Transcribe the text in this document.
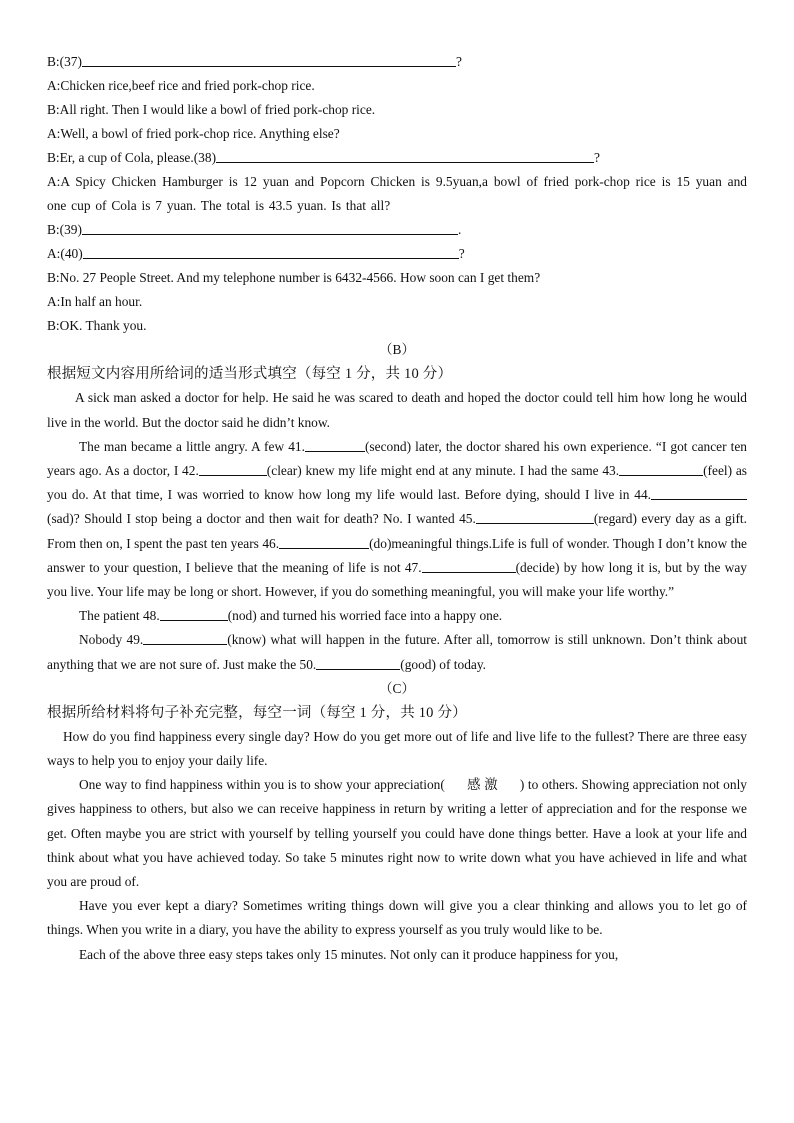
B:(37)	?
A:Chicken rice,beef rice and fried pork-chop rice.
B:All right. Then I would like a bowl of fried pork-chop rice.
A:Well, a bowl of fried pork-chop rice. Anything else?
B:Er, a cup of Cola, please.(38)	?

A:A Spicy Chicken Hamburger is 12 yuan and Popcorn Chicken is 9.5yuan,a bowl of fried pork-chop rice is 15 yuan and one cup of Cola is 7 yuan. The total is 43.5 yuan. Is that all?

B:(39)	.
A:(40)	?
B:No. 27 People Street. And my telephone number is 6432-4566. How soon can I get them?
A:In half an hour.
B:OK. Thank you.
（B）
根据短文内容用所给词的适当形式填空（每空 1 分，共 10 分）

A sick man asked a doctor for help. He said he was scared to death and hoped the doctor could tell him how long he would live in the world. But the doctor said he didn’t know.

The man became a little angry. A few 41.	(second) later, the doctor shared his own experience. “I got cancer ten years ago. As a doctor, I 42.	(clear) knew my life might end at any minute. I had the same 43.	(feel) as you do. At that time, I was worried to know how long my life would last. Before dying, should I live in 44.(sad)? Should I stop being a doctor and then wait for death? No. I wanted 45.	(regard) every day as a gift. From then on, I spent the past ten years 46.	(do)meaningful things.Life is full of wonder. Though I don’t know the answer to your question, I believe that the meaning of life is not 47.	(decide) by how long it is, but by the way you live. Your life may be long or short. However, if you do something meaningful, you will make your life worthy.”

The patient 48.	(nod) and turned his worried face into a happy one.

Nobody 49.	(know) what will happen in the future. After all, tomorrow is still unknown. Don’t think about anything that we are not sure of. Just make the 50.	(good) of today.

（C）
根据所给材料将句子补充完整，每空一词（每空 1 分，共 10 分）

How do you find happiness every single day? How do you get more out of life and live life to the fullest? There are three easy ways to help you to enjoy your daily life.

One way to find happiness within you is to show your appreciation( 感 激 ) to others. Showing appreciation not only gives happiness to others, but also we can receive happiness in return by writing a letter of appreciation and for the response we get. Often maybe you are strict with yourself by telling yourself you could have done things better. Have a look at your life and think about what you have achieved today. So take 5 minutes right now to write down what you have achieved in life and what you are proud of.

Have you ever kept a diary? Sometimes writing things down will give you a clear thinking and allows you to let go of things. When you write in a diary, you have the ability to express yourself as you truly would like to be.

Each of the above three easy steps takes only 15 minutes. Not only can it produce happiness for you,
